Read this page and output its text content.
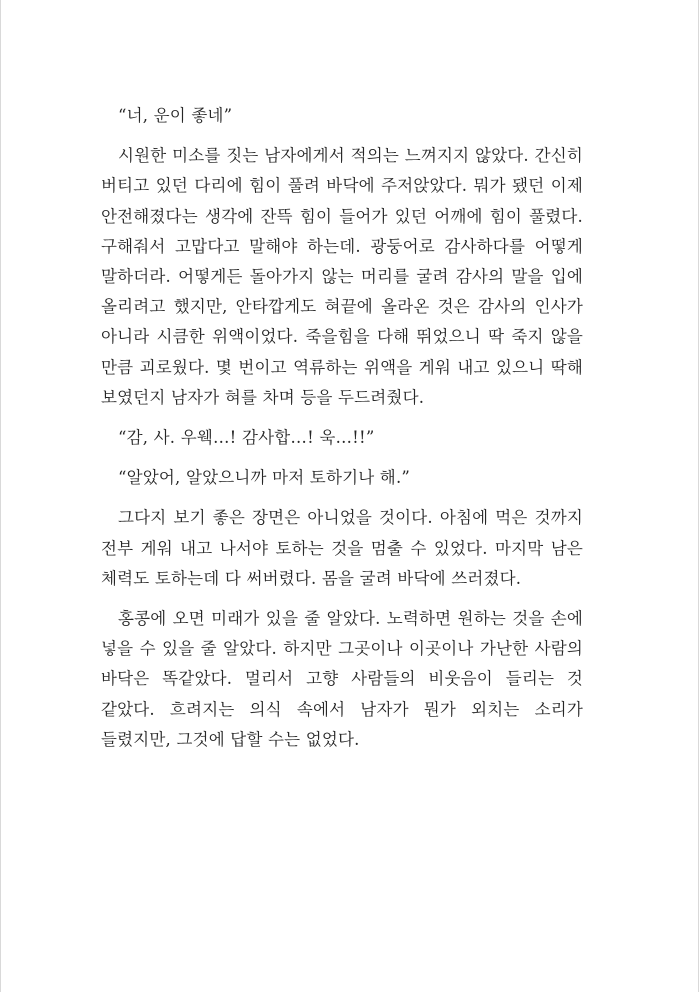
“너, 운이 좋네”

시원한 미소를 짓는 남자에게서 적의는 느껴지지 않았다. 간신히 버티고 있던 다리에 힘이 풀려 바닥에 주저앉았다. 뭐가 됐던 이제 안전해졌다는 생각에 잔뜩 힘이 들어가 있던 어깨에 힘이 풀렸다. 구해줘서 고맙다고 말해야 하는데. 광둥어로 감사하다를 어떻게 말하더라. 어떻게든 돌아가지 않는 머리를 굴려 감사의 말을 입에 올리려고 했지만, 안타깝게도 혀끝에 올라온 것은 감사의 인사가 아니라 시큼한 위액이었다. 죽을힘을 다해 뛰었으니 딱 죽지 않을 만큼 괴로웠다. 몇 번이고 역류하는 위액을 게워 내고 있으니 딱해 보였던지 남자가 혀를 차며 등을 두드려줬다.

“감, 사. 우웩…! 감사합…! 욱…!!”

“알았어, 알았으니까 마저 토하기나 해.”

그다지 보기 좋은 장면은 아니었을 것이다. 아침에 먹은 것까지 전부 게워 내고 나서야 토하는 것을 멈출 수 있었다. 마지막 남은 체력도 토하는데 다 써버렸다. 몸을 굴려 바닥에 쓰러졌다.

홍콩에 오면 미래가 있을 줄 알았다. 노력하면 원하는 것을 손에 넣을 수 있을 줄 알았다. 하지만 그곳이나 이곳이나 가난한 사람의 바닥은 똑같았다. 멀리서 고향 사람들의 비웃음이 들리는 것 같았다. 흐려지는 의식 속에서 남자가 뭔가 외치는 소리가 들렸지만, 그것에 답할 수는 없었다.
